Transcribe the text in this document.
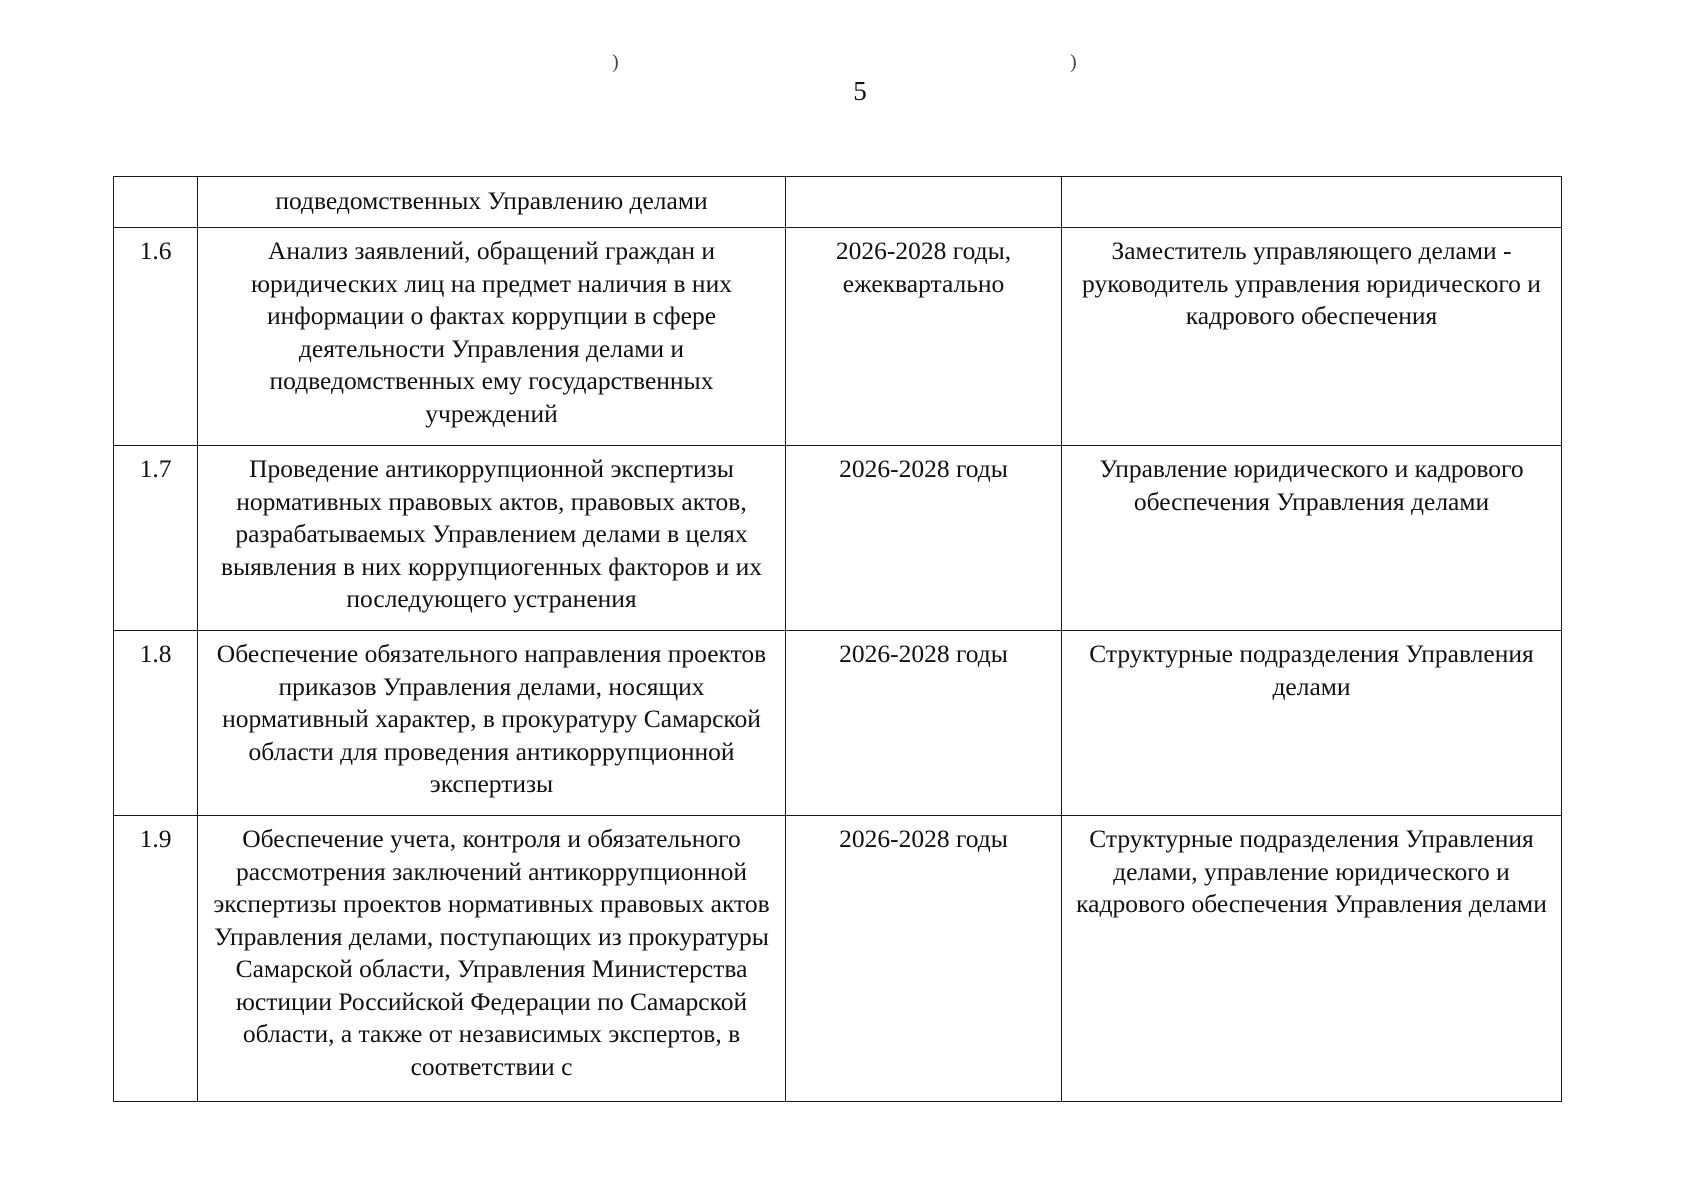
)	)
5
	подведомственных Управлению делами		
1.6	Анализ заявлений, обращений граждан и юридических лиц на предмет наличия в них информации о фактах коррупции в сфере деятельности Управления делами и подведомственных ему государственных учреждений	2026-2028 годы, ежеквартально	Заместитель управляющего делами - руководитель управления юридического и кадрового обеспечения
1.7	Проведение антикоррупционной экспертизы нормативных правовых актов, правовых актов, разрабатываемых Управлением делами в целях выявления в них коррупциогенных факторов и их последующего устранения	2026-2028 годы	Управление юридического и кадрового обеспечения Управления делами
1.8	Обеспечение обязательного направления проектов приказов Управления делами, носящих нормативный характер, в прокуратуру Самарской области для проведения антикоррупционной экспертизы	2026-2028 годы	Структурные подразделения Управления делами
1.9	Обеспечение учета, контроля и обязательного рассмотрения заключений антикоррупционной экспертизы проектов нормативных правовых актов Управления делами, поступающих из прокуратуры Самарской области, Управления Министерства юстиции Российской Федерации по Самарской области, а также от независимых экспертов, в соответствии с	2026-2028 годы	Структурные подразделения Управления делами, управление юридического и кадрового обеспечения Управления делами
